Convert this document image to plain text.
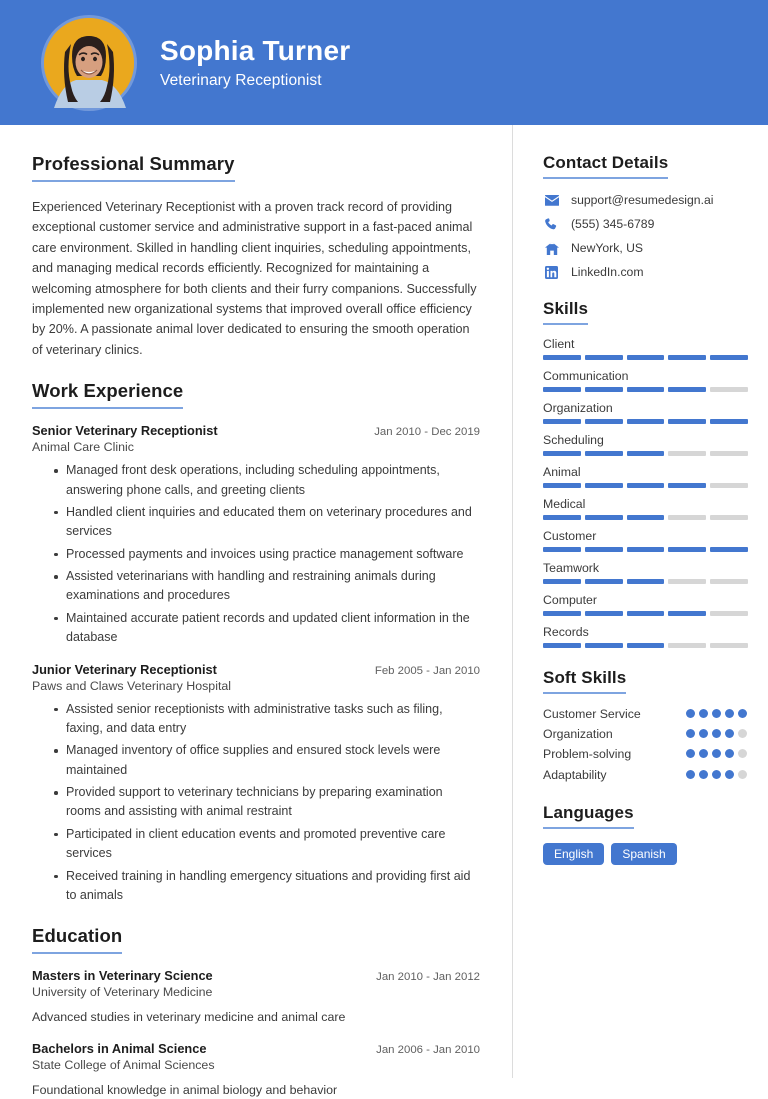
Sophia Turner
Veterinary Receptionist
Professional Summary
Experienced Veterinary Receptionist with a proven track record of providing exceptional customer service and administrative support in a fast-paced animal care environment. Skilled in handling client inquiries, scheduling appointments, and managing medical records efficiently. Recognized for maintaining a welcoming atmosphere for both clients and their furry companions. Successfully implemented new organizational systems that improved overall office efficiency by 20%. A passionate animal lover dedicated to ensuring the smooth operation of veterinary clinics.
Work Experience
Senior Veterinary Receptionist	Jan 2010 - Dec 2019
Animal Care Clinic
Managed front desk operations, including scheduling appointments, answering phone calls, and greeting clients
Handled client inquiries and educated them on veterinary procedures and services
Processed payments and invoices using practice management software
Assisted veterinarians with handling and restraining animals during examinations and procedures
Maintained accurate patient records and updated client information in the database
Junior Veterinary Receptionist	Feb 2005 - Jan 2010
Paws and Claws Veterinary Hospital
Assisted senior receptionists with administrative tasks such as filing, faxing, and data entry
Managed inventory of office supplies and ensured stock levels were maintained
Provided support to veterinary technicians by preparing examination rooms and assisting with animal restraint
Participated in client education events and promoted preventive care services
Received training in handling emergency situations and providing first aid to animals
Education
Masters in Veterinary Science	Jan 2010 - Jan 2012
University of Veterinary Medicine
Advanced studies in veterinary medicine and animal care
Bachelors in Animal Science	Jan 2006 - Jan 2010
State College of Animal Sciences
Foundational knowledge in animal biology and behavior
Contact Details
support@resumedesign.ai
(555) 345-6789
NewYork, US
LinkedIn.com
Skills
Client
Communication
Organization
Scheduling
Animal
Medical
Customer
Teamwork
Computer
Records
Soft Skills
Customer Service
Organization
Problem-solving
Adaptability
Languages
English	Spanish
